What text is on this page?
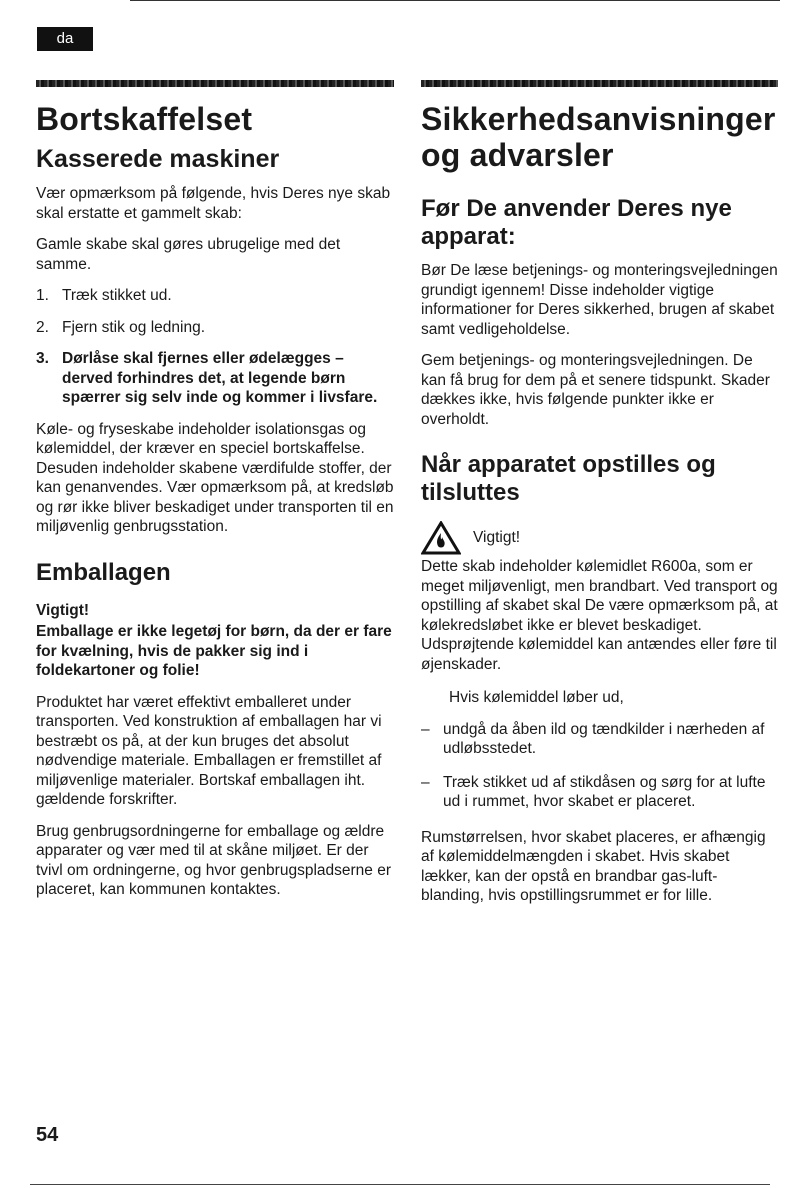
da
Bortskaffelset
Kasserede maskiner

Vær opmærksom på følgende, hvis Deres nye skab skal erstatte et gammelt skab:

Gamle skabe skal gøres ubrugelige med det samme.

1. Træk stikket ud.
2. Fjern stik og ledning.
3. Dørlåse skal fjernes eller ødelægges – derved forhindres det, at legende børn spærrer sig selv inde og kommer i livsfare.

Køle- og fryseskabe indeholder isolationsgas og kølemiddel, der kræver en speciel bortskaffelse. Desuden indeholder skabene værdifulde stoffer, der kan genanvendes. Vær opmærksom på, at kredsløb og rør ikke bliver beskadiget under transporten til en miljøvenlig genbrugsstation.

Emballagen

Vigtigt!

Emballage er ikke legetøj for børn, da der er fare for kvælning, hvis de pakker sig ind i foldekartoner og folie!

Produktet har været effektivt emballeret under transporten. Ved konstruktion af emballagen har vi bestræbt os på, at der kun bruges det absolut nødvendige materiale. Emballagen er fremstillet af miljøvenlige materialer. Bortskaf emballagen iht. gældende forskrifter.

Brug genbrugsordningerne for emballage og ældre apparater og vær med til at skåne miljøet. Er der tvivl om ordningerne, og hvor genbrugspladserne er placeret, kan kommunen kontaktes.

Sikkerhedsanvisninger og advarsler
Før De anvender Deres nye apparat:

Bør De læse betjenings- og monteringsvejledningen grundigt igennem! Disse indeholder vigtige informationer for Deres sikkerhed, brugen af skabet samt vedligeholdelse.

Gem betjenings- og monteringsvejledningen. De kan få brug for dem på et senere tidspunkt. Skader dækkes ikke, hvis følgende punkter ikke er overholdt.

Når apparatet opstilles og tilsluttes
Vigtigt!

Dette skab indeholder kølemidlet R600a, som er meget miljøvenligt, men brandbart. Ved transport og opstilling af skabet skal De være opmærksom på, at kølekredsløbet ikke er blevet beskadiget. Udsprøjtende kølemiddel kan antændes eller føre til øjenskader.

Hvis kølemiddel løber ud,
– undgå da åben ild og tændkilder i nærheden af udløbsstedet.
– Træk stikket ud af stikdåsen og sørg for at lufte ud i rummet, hvor skabet er placeret.

Rumstørrelsen, hvor skabet placeres, er afhængig af kølemiddelmængden i skabet. Hvis skabet lækker, kan der opstå en brandbar gas-luft-blanding, hvis opstillingsrummet er for lille.

54
